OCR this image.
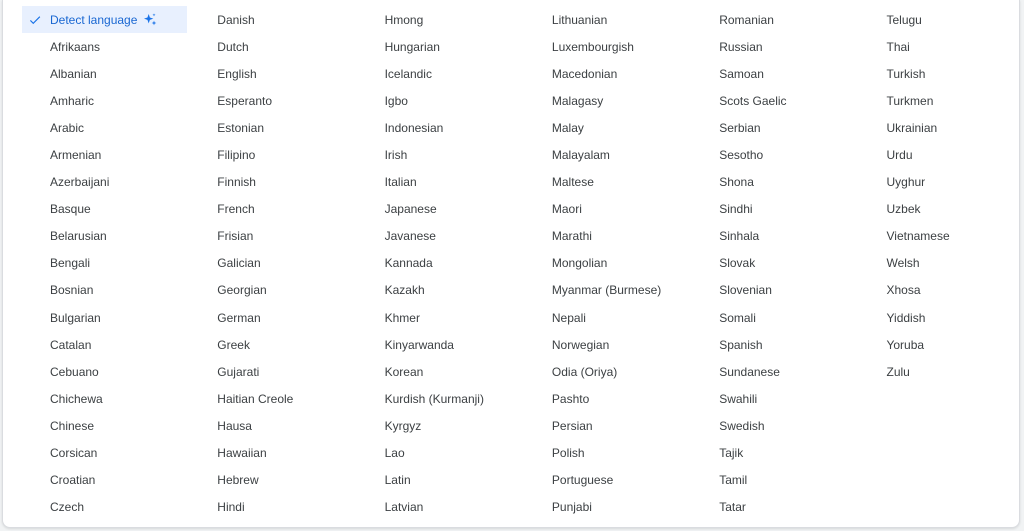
Detect language
Afrikaans
Albanian
Amharic
Arabic
Armenian
Azerbaijani
Basque
Belarusian
Bengali
Bosnian
Bulgarian
Catalan
Cebuano
Chichewa
Chinese
Corsican
Croatian
Czech
Danish
Dutch
English
Esperanto
Estonian
Filipino
Finnish
French
Frisian
Galician
Georgian
German
Greek
Gujarati
Haitian Creole
Hausa
Hawaiian
Hebrew
Hindi
Hmong
Hungarian
Icelandic
Igbo
Indonesian
Irish
Italian
Japanese
Javanese
Kannada
Kazakh
Khmer
Kinyarwanda
Korean
Kurdish (Kurmanji)
Kyrgyz
Lao
Latin
Latvian
Lithuanian
Luxembourgish
Macedonian
Malagasy
Malay
Malayalam
Maltese
Maori
Marathi
Mongolian
Myanmar (Burmese)
Nepali
Norwegian
Odia (Oriya)
Pashto
Persian
Polish
Portuguese
Punjabi
Romanian
Russian
Samoan
Scots Gaelic
Serbian
Sesotho
Shona
Sindhi
Sinhala
Slovak
Slovenian
Somali
Spanish
Sundanese
Swahili
Swedish
Tajik
Tamil
Tatar
Telugu
Thai
Turkish
Turkmen
Ukrainian
Urdu
Uyghur
Uzbek
Vietnamese
Welsh
Xhosa
Yiddish
Yoruba
Zulu
